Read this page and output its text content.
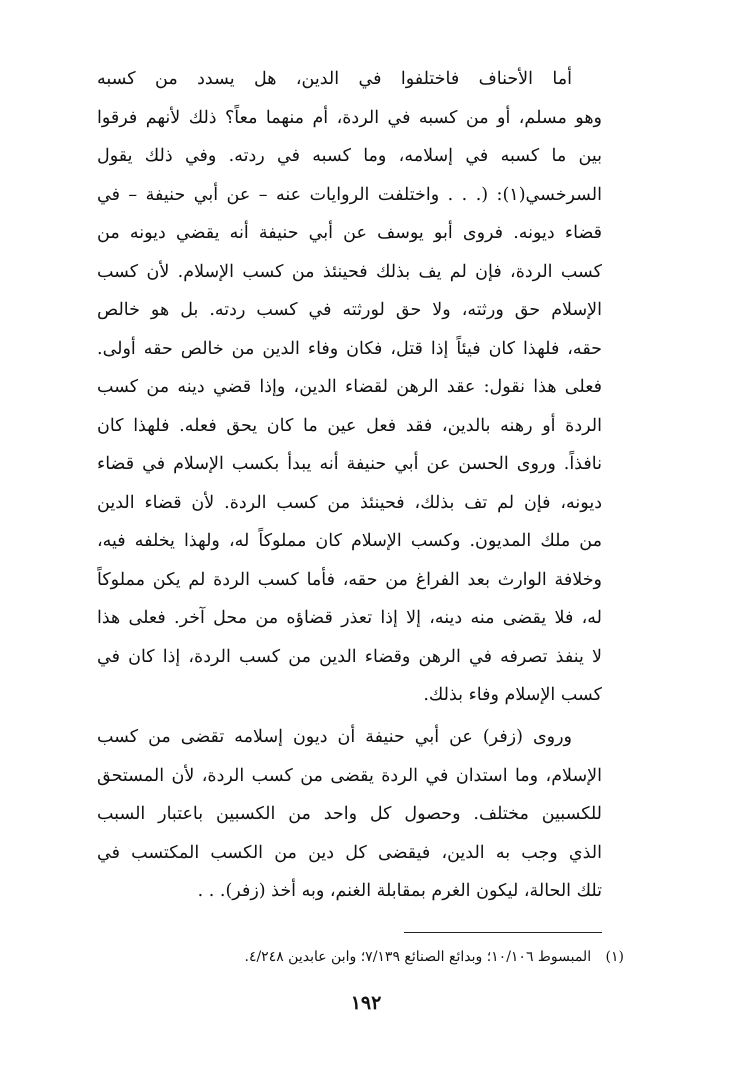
أما الأحناف فاختلفوا في الدين، هل يسدد من كسبه
وهو مسلم، أو من كسبه في الردة، أم منهما معاً؟ ذلك لأنهم فرقوا
بين ما كسبه في إسلامه، وما كسبه في ردته. وفي ذلك يقول
السرخسي(١): (. . . واختلفت الروايات عنه – عن أبي حنيفة – في
قضاء ديونه. فروى أبو يوسف عن أبي حنيفة أنه يقضي ديونه من
كسب الردة، فإن لم يف بذلك فحينئذ من كسب الإسلام. لأن كسب
الإسلام حق ورثته، ولا حق لورثته في كسب ردته. بل هو خالص
حقه، فلهذا كان فيئاً إذا قتل، فكان وفاء الدين من خالص حقه أولى.
فعلى هذا نقول: عقد الرهن لقضاء الدين، وإذا قضي دينه من كسب
الردة أو رهنه بالدين، فقد فعل عين ما كان يحق فعله. فلهذا كان
نافذاً. وروى الحسن عن أبي حنيفة أنه يبدأ بكسب الإسلام في قضاء
ديونه، فإن لم تف بذلك، فحينئذ من كسب الردة. لأن قضاء الدين
من ملك المديون. وكسب الإسلام كان مملوكاً له، ولهذا يخلفه فيه،
وخلافة الوارث بعد الفراغ من حقه، فأما كسب الردة لم يكن مملوكاً
له، فلا يقضى منه دينه، إلا إذا تعذر قضاؤه من محل آخر. فعلى هذا
لا ينفذ تصرفه في الرهن وقضاء الدين من كسب الردة، إذا كان في
كسب الإسلام وفاء بذلك.
وروى (زفر) عن أبي حنيفة أن ديون إسلامه تقضى من كسب
الإسلام، وما استدان في الردة يقضى من كسب الردة، لأن المستحق
للكسبين مختلف. وحصول كل واحد من الكسبين باعتبار السبب
الذي وجب به الدين، فيقضى كل دين من الكسب المكتسب في
تلك الحالة، ليكون الغرم بمقابلة الغنم، وبه أخذ (زفر). . .
(١) المبسوط ١٠/١٠٦؛ وبدائع الصنائع ٧/١٣٩؛ وابن عابدين ٤/٢٤٨.
١٩٢
